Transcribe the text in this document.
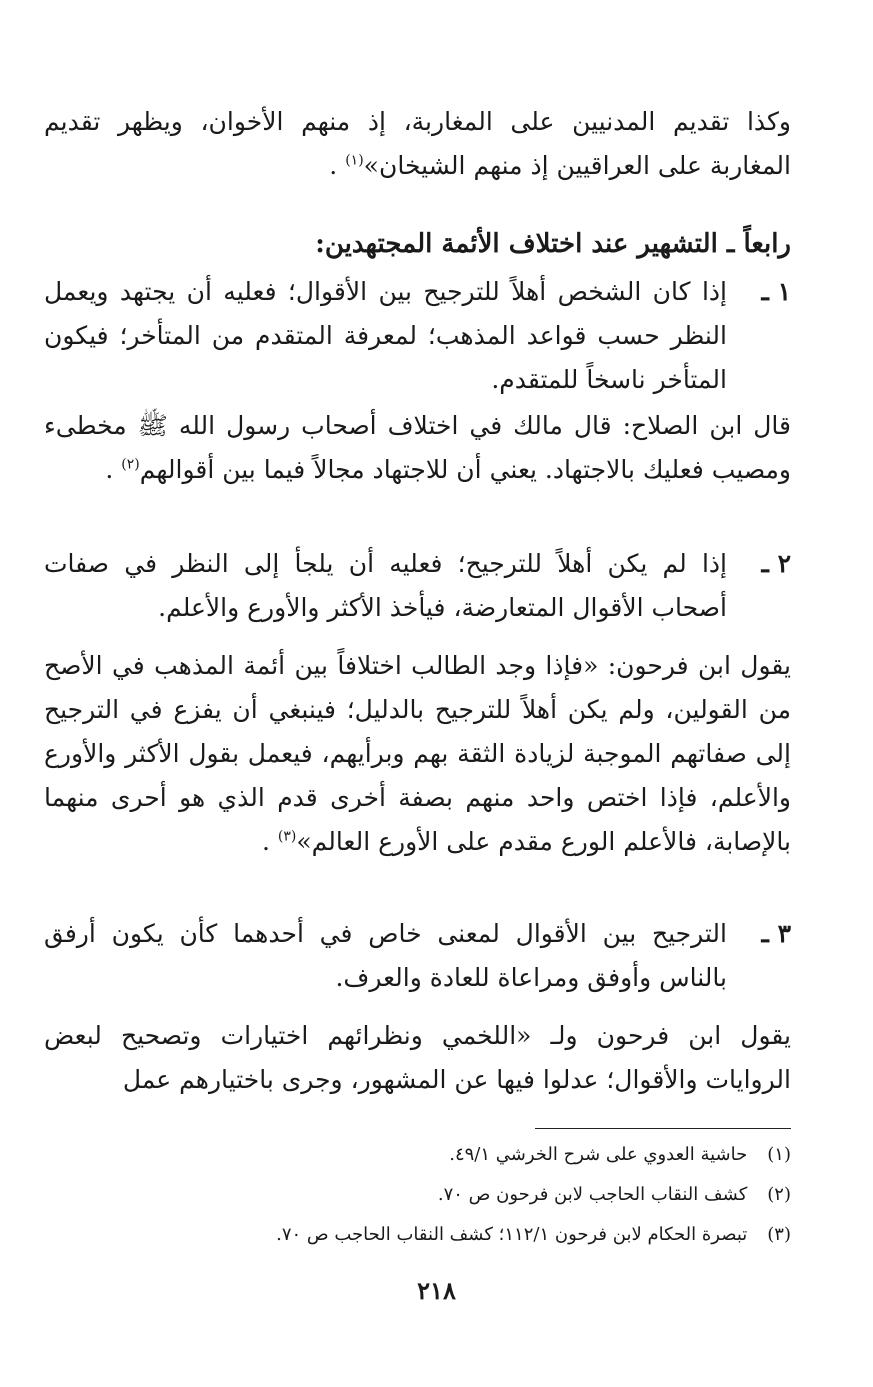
وكذا تقديم المدنيين على المغاربة، إذ منهم الأخوان، ويظهر تقديم المغاربة على العراقيين إذ منهم الشيخان»$^{(١)}$ .

رابعاً ـ التشهير عند اختلاف الأئمة المجتهدين:
١ ـ

إذا كان الشخص أهلاً للترجيح بين الأقوال؛ فعليه أن يجتهد ويعمل النظر حسب قواعد المذهب؛ لمعرفة المتقدم من المتأخر؛ فيكون المتأخر ناسخاً للمتقدم.

قال ابن الصلاح: قال مالك في اختلاف أصحاب رسول الله ﷺ مخطىء ومصيب فعليك بالاجتهاد. يعني أن للاجتهاد مجالاً فيما بين أقوالهم$^{(٢)}$ .

٢ ـ

إذا لم يكن أهلاً للترجيح؛ فعليه أن يلجأ إلى النظر في صفات أصحاب الأقوال المتعارضة، فيأخذ الأكثر والأورع والأعلم.

يقول ابن فرحون: «فإذا وجد الطالب اختلافاً بين أئمة المذهب في الأصح من القولين، ولم يكن أهلاً للترجيح بالدليل؛ فينبغي أن يفزع في الترجيح إلى صفاتهم الموجبة لزيادة الثقة بهم وبرأيهم، فيعمل بقول الأكثر والأورع والأعلم، فإذا اختص واحد منهم بصفة أخرى قدم الذي هو أحرى منهما بالإصابة، فالأعلم الورع مقدم على الأورع العالم»$^{(٣)}$ .

٣ ـ

الترجيح بين الأقوال لمعنى خاص في أحدهما كأن يكون أرفق بالناس وأوفق ومراعاة للعادة والعرف.

يقول ابن فرحون ولـ «اللخمي ونظرائهم اختيارات وتصحيح لبعض الروايات والأقوال؛ عدلوا فيها عن المشهور، وجرى باختيارهم عمل

(١) حاشية العدوي على شرح الخرشي ٤٩/١.

(٢) كشف النقاب الحاجب لابن فرحون ص ٧٠.

(٣) تبصرة الحكام لابن فرحون ١١٢/١؛ كشف النقاب الحاجب ص ٧٠.

٢١٨
